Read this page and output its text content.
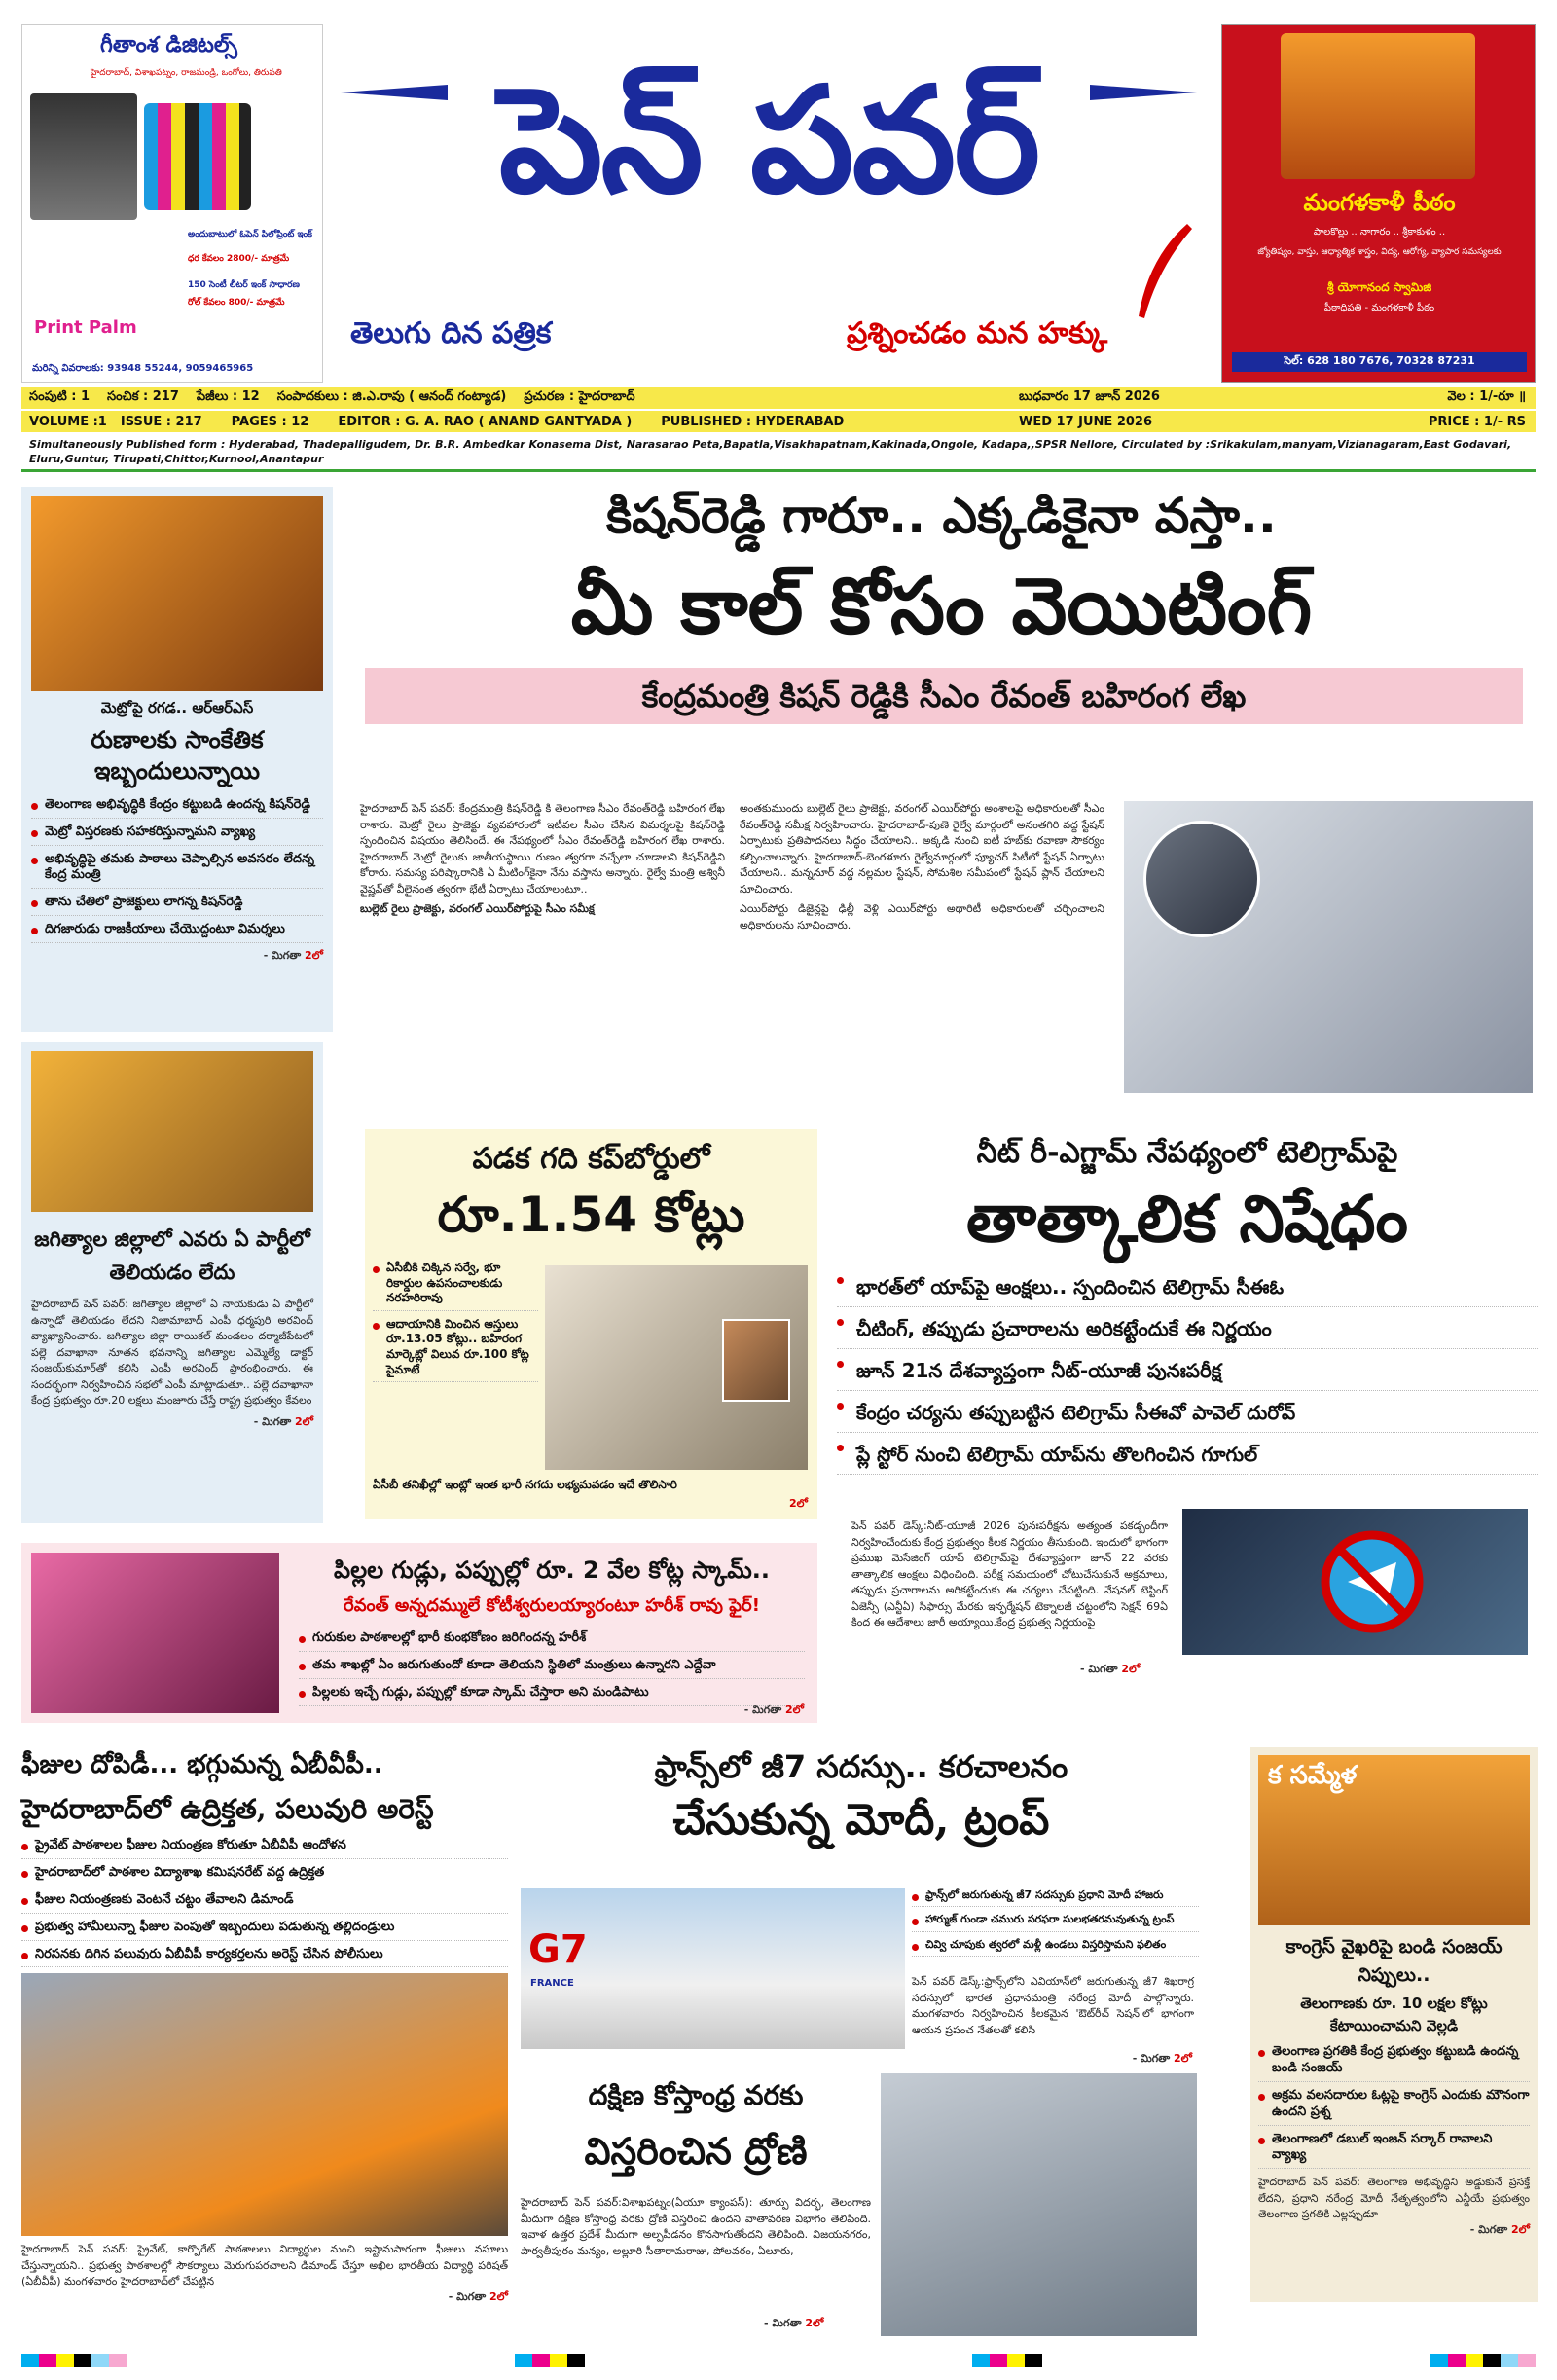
గీతాంశ డిజిటల్స్
హైదరాబాద్, విశాఖపట్నం, రాజమండ్రి, ఒంగోలు, తిరుపతి
అందుబాటులో ఓపెన్ పిలోప్రింట్ ఇంక్
ధర కేవలం 2800/- మాత్రమే
150 సెంటీ లీటర్ ఇంక్ సాధారణ
రోల్ కేవలం 800/- మాత్రమే
Print Palm
మరిన్ని వివరాలకు: 93948 55244, 9059465965
పెన్ పవర్
తెలుగు దిన పత్రిక	ప్రశ్నించడం మన హక్కు
మంగళకాళీ పీఠం
పాలకొల్లు .. నాగారం .. శ్రీకాకుళం ..
జ్యోతిష్యం, వాస్తు, ఆధ్యాత్మిక శాస్త్రం, విద్య, ఆరోగ్య, వ్యాపార సమస్యలకు
శ్రీ యోగానంద స్వామిజి
పీఠాధిపతి - మంగళకాళీ పీఠం
సెల్: 628 180 7676, 70328 87231
సంపుటి : 1 సంచిక : 217 పేజీలు : 12 సంపాదకులు : జి.ఎ.రావు ( ఆనంద్ గంట్యాడ) ప్రచురణ : హైదరాబాద్	బుధవారం 17 జూన్ 2026	వెల : 1/-రూ ॥
VOLUME :1 ISSUE : 217 PAGES : 12 EDITOR : G. A. RAO ( ANAND GANTYADA ) PUBLISHED : HYDERABAD	WED 17 JUNE 2026	PRICE : 1/- RS
Simultaneously Published form : Hyderabad, Thadepalligudem, Dr. B.R. Ambedkar Konasema Dist, Narasarao Peta,Bapatla,Visakhapatnam,Kakinada,Ongole, Kadapa,,SPSR Nellore, Circulated by :Srikakulam,manyam,Vizianagaram,East Godavari, Eluru,Guntur, Tirupati,Chittor,Kurnool,Anantapur
మెట్రోపై రగడ.. ఆర్ఆర్ఎస్
రుణాలకు సాంకేతిక ఇబ్బందులున్నాయి
తెలంగాణ అభివృద్ధికి కేంద్రం కట్టుబడి ఉందన్న కిషన్‌రెడ్డి
మెట్రో విస్తరణకు సహకరిస్తున్నామని వ్యాఖ్య
అభివృద్ధిపై తమకు పాఠాలు చెప్పాల్సిన అవసరం లేదన్న కేంద్ర మంత్రి
తాను చేతిలో ప్రాజెక్టులు లాగన్న కిషన్‌రెడ్డి
దిగజారుడు రాజకీయాలు చేయొద్దంటూ విమర్శలు
- మిగతా 2లో
జగిత్యాల జిల్లాలో ఎవరు ఏ పార్టీలో తెలియడం లేదు
హైదరాబాద్ పెన్ పవర్: జగిత్యాల జిల్లాలో ఏ నాయకుడు ఏ పార్టీలో ఉన్నాడో తెలియడం లేదని నిజామాబాద్ ఎంపీ ధర్మపురి అరవింద్ వ్యాఖ్యానించారు. జగిత్యాల జిల్లా రాయికల్ మండలం దర్మాజీపేటలో పల్లె దవాఖానా నూతన భవనాన్ని జగిత్యాల ఎమ్మెల్యే డాక్టర్ సంజయ్‌కుమార్‌తో కలిసి ఎంపీ అరవింద్ ప్రారంభించారు. ఈ సందర్భంగా నిర్వహించిన సభలో ఎంపీ మాట్లాడుతూ.. పల్లె దవాఖానా కేంద్ర ప్రభుత్వం రూ.20 లక్షలు మంజూరు చేస్తే రాష్ట్ర ప్రభుత్వం కేవలం
- మిగతా 2లో
కిషన్‌రెడ్డి గారూ.. ఎక్కడికైనా వస్తా..
మీ కాల్ కోసం వెయిటింగ్
కేంద్రమంత్రి కిషన్ రెడ్డికి సీఎం రేవంత్ బహిరంగ లేఖ
హైదరాబాద్ పెన్ పవర్: కేంద్రమంత్రి కిషన్‌రెడ్డి కి తెలంగాణ సీఎం రేవంత్‌రెడ్డి బహిరంగ లేఖ రాశారు. మెట్రో రైలు ప్రాజెక్టు వ్యవహారంలో ఇటీవల సీఎం చేసిన విమర్శలపై కిషన్‌రెడ్డి స్పందించిన విషయం తెలిసిందే. ఈ నేపథ్యంలో సీఎం రేవంత్‌రెడ్డి బహిరంగ లేఖ రాశారు. హైదరాబాద్ మెట్రో రైలుకు జాతీయస్థాయి రుణం త్వరగా వచ్చేలా చూడాలని కిషన్‌రెడ్డిని కోరారు. సమస్య పరిష్కారానికి ఏ మీటింగ్‌కైనా నేను వస్తాను అన్నారు. రైల్వే మంత్రి అశ్వినీ వైష్ణవ్‌తో వీలైనంత త్వరగా భేటీ ఏర్పాటు చేయాలంటూ..
బుల్లెట్ రైలు ప్రాజెక్టు, వరంగల్ ఎయిర్‌పోర్టుపై సీఎం సమీక్ష
అంతకుముందు బుల్లెట్ రైలు ప్రాజెక్టు, వరంగల్ ఎయిర్‌పోర్టు అంశాలపై అధికారులతో సీఎం రేవంత్‌రెడ్డి సమీక్ష నిర్వహించారు. హైదరాబాద్-పుణె రైల్వే మార్గంలో అనంతగిరి వద్ద స్టేషన్ ఏర్పాటుకు ప్రతిపాదనలు సిద్ధం చేయాలని.. అక్కడి నుంచి ఐటీ హబ్‌కు రవాణా సౌకర్యం కల్పించాలన్నారు. హైదరాబాద్-బెంగళూరు రైల్వేమార్గంలో ఫ్యూచర్ సిటీలో స్టేషన్ ఏర్పాటు చేయాలని.. మన్ననూర్ వద్ద నల్లమల స్టేషన్, సోమశిల సమీపంలో స్టేషన్ ప్లాన్ చేయాలని సూచించారు.
ఎయిర్‌పోర్టు డిజైన్లపై ఢిల్లీ వెళ్లి ఎయిర్‌పోర్టు అథారిటీ అధికారులతో చర్చించాలని అధికారులను సూచించారు.
పడక గది కప్‌బోర్డులో
రూ.1.54 కోట్లు
ఏసీబీకి చిక్కిన సర్వే, భూ రికార్డుల ఉపసంచాలకుడు నరహరిరావు
ఆదాయానికి మించిన ఆస్తులు రూ.13.05 కోట్లు.. బహిరంగ మార్కెట్లో విలువ రూ.100 కోట్ల పైమాటే
ఏసీబీ తనిఖీల్లో ఇంట్లో ఇంత భారీ నగదు లభ్యమవడం ఇదే తొలిసారి
2లో
నీట్ రీ-ఎగ్జామ్ నేపథ్యంలో టెలిగ్రామ్‌పై
తాత్కాలిక నిషేధం
భారత్‌లో యాప్‌పై ఆంక్షలు.. స్పందించిన టెలిగ్రామ్ సీఈఓ
చీటింగ్, తప్పుడు ప్రచారాలను అరికట్టేందుకే ఈ నిర్ణయం
జూన్ 21న దేశవ్యాప్తంగా నీట్-యూజీ పునఃపరీక్ష
కేంద్రం చర్యను తప్పుబట్టిన టెలిగ్రామ్ సీఈవో పావెల్ దురోవ్
ప్లే స్టోర్ నుంచి టెలిగ్రామ్ యాప్‌ను తొలగించిన గూగుల్
పెన్ పవర్ డెస్క్:నీట్-యూజీ 2026 పునఃపరీక్షను అత్యంత పకడ్బందీగా నిర్వహించేందుకు కేంద్ర ప్రభుత్వం కీలక నిర్ణయం తీసుకుంది. ఇందులో భాగంగా ప్రముఖ మెసేజింగ్ యాప్ టెలిగ్రామ్‌పై దేశవ్యాప్తంగా జూన్ 22 వరకు తాత్కాలిక ఆంక్షలు విధించింది. పరీక్ష సమయంలో చోటుచేసుకునే అక్రమాలు, తప్పుడు ప్రచారాలను అరికట్టేందుకు ఈ చర్యలు చేపట్టింది. నేషనల్ టెస్టింగ్ ఏజెన్సీ (ఎన్టీఏ) సిఫార్సు మేరకు ఇన్ఫర్మేషన్ టెక్నాలజీ చట్టంలోని సెక్షన్ 69ఏ కింద ఈ ఆదేశాలు జారీ అయ్యాయి.కేంద్ర ప్రభుత్వ నిర్ణయంపై
- మిగతా 2లో
పిల్లల గుడ్లు, పప్పుల్లో రూ. 2 వేల కోట్ల స్కామ్..
రేవంత్ అన్నదమ్ములే కోటీశ్వరులయ్యారంటూ హరీశ్ రావు ఫైర్!
గురుకుల పాఠశాలల్లో భారీ కుంభకోణం జరిగిందన్న హరీశ్
తమ శాఖల్లో ఏం జరుగుతుందో కూడా తెలియని స్థితిలో మంత్రులు ఉన్నారని ఎద్దేవా
పిల్లలకు ఇచ్చే గుడ్లు, పప్పుల్లో కూడా స్కామ్ చేస్తారా అని మండిపాటు
- మిగతా 2లో
ఫీజుల దోపిడీ... భగ్గుమన్న ఏబీవీపీ..
హైదరాబాద్‌లో ఉద్రిక్తత, పలువురి అరెస్ట్
ప్రైవేట్ పాఠశాలల ఫీజుల నియంత్రణ కోరుతూ ఏబీవీపీ ఆందోళన
హైదరాబాద్‌లో పాఠశాల విద్యాశాఖ కమిషనరేట్ వద్ద ఉద్రిక్తత
ఫీజుల నియంత్రణకు వెంటనే చట్టం తేవాలని డిమాండ్
ప్రభుత్వ హామీలున్నా ఫీజుల పెంపుతో ఇబ్బందులు పడుతున్న తల్లిదండ్రులు
నిరసనకు దిగిన పలువురు ఏబీవీపీ కార్యకర్తలను అరెస్ట్ చేసిన పోలీసులు
హైదరాబాద్ పెన్ పవర్: ప్రైవేట్, కార్పొరేట్ పాఠశాలలు విద్యార్థుల నుంచి ఇష్టానుసారంగా ఫీజులు వసూలు చేస్తున్నాయని.. ప్రభుత్వ పాఠశాలల్లో సౌకర్యాలు మెరుగుపరచాలని డిమాండ్ చేస్తూ అఖిల భారతీయ విద్యార్థి పరిషత్ (ఏబీవీపీ) మంగళవారం హైదరాబాద్‌లో చేపట్టిన
- మిగతా 2లో
ఫ్రాన్స్‌లో జీ7 సదస్సు.. కరచాలనం
చేసుకున్న మోదీ, ట్రంప్
G7
FRANCE
ఫ్రాన్స్‌లో జరుగుతున్న జీ7 సదస్సుకు ప్రధాని మోదీ హాజరు
హార్ముజ్ గుండా చమురు సరఫరా సులభతరమవుతున్న ట్రంప్
చివ్వి చూపుకు త్వరలో మళ్లీ ఉండలు విస్తరిస్తామని ఫలితం
పెన్ పవర్ డెస్క్:ఫ్రాన్స్‌లోని ఎవియాన్‌లో జరుగుతున్న జీ7 శిఖరాగ్ర సదస్సులో భారత ప్రధానమంత్రి నరేంద్ర మోదీ పాల్గొన్నారు. మంగళవారం నిర్వహించిన కీలకమైన 'ఔట్‌రీచ్ సెషన్'లో భాగంగా ఆయన ప్రపంచ నేతలతో కలిసి
- మిగతా 2లో
దక్షిణ కోస్తాంధ్ర వరకు
విస్తరించిన ద్రోణి
హైదరాబాద్ పెన్ పవర్:విశాఖపట్నం(ఏయూ క్యాంపస్): తూర్పు విదర్భ, తెలంగాణ మీదుగా దక్షిణ కోస్తాంధ్ర వరకు ద్రోణి విస్తరించి ఉందని వాతావరణ విభాగం తెలిపింది. ఇవాళ ఉత్తర ప్రదేశ్ మీదుగా అల్పపీడనం కొనసాగుతోందని తెలిపింది. విజయనగరం, పార్వతీపురం మన్యం, అల్లూరి సీతారామరాజు, పోలవరం, ఏలూరు,
- మిగతా 2లో
క సమ్మేళ
కాంగ్రెస్ వైఖరిపై బండి సంజయ్ నిప్పులు..
తెలంగాణకు రూ. 10 లక్షల కోట్లు కేటాయించామని వెల్లడి
తెలంగాణ ప్రగతికి కేంద్ర ప్రభుత్వం కట్టుబడి ఉందన్న బండి సంజయ్
అక్రమ వలసదారుల ఓట్లపై కాంగ్రెస్ ఎందుకు మౌనంగా ఉందని ప్రశ్న
తెలంగాణలో డబుల్ ఇంజన్ సర్కార్ రావాలని వ్యాఖ్య
హైదరాబాద్ పెన్ పవర్: తెలంగాణ అభివృద్ధిని అడ్డుకునే ప్రసక్తే లేదని, ప్రధాని నరేంద్ర మోదీ నేతృత్వంలోని ఎన్డీయే ప్రభుత్వం తెలంగాణ ప్రగతికి ఎల్లప్పుడూ
- మిగతా 2లో
